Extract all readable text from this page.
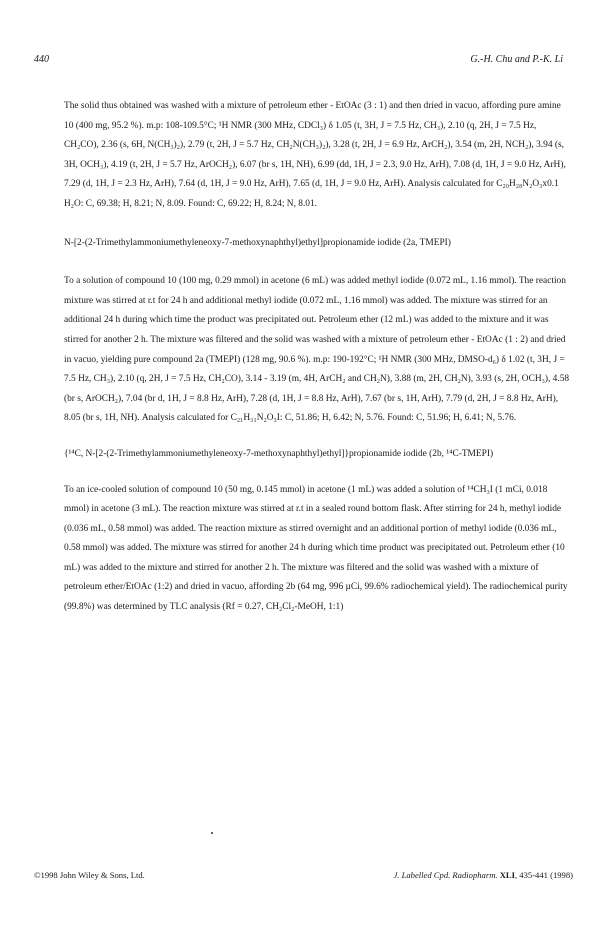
440	G.-H. Chu and P.-K. Li

The solid thus obtained was washed with a mixture of petroleum ether - EtOAc (3 : 1) and then dried in vacuo, affording pure amine 10 (400 mg, 95.2 %). m.p: 108-109.5°C; ¹H NMR (300 MHz, CDCl₃) δ 1.05 (t, 3H, J = 7.5 Hz, CH₃), 2.10 (q, 2H, J = 7.5 Hz, CH₂CO), 2.36 (s, 6H, N(CH₃)₂), 2.79 (t, 2H, J = 5.7 Hz, CH₂N(CH₃)₂), 3.28 (t, 2H, J = 6.9 Hz, ArCH₂), 3.54 (m, 2H, NCH₂), 3.94 (s, 3H, OCH₃), 4.19 (t, 2H, J = 5.7 Hz, ArOCH₂), 6.07 (br s, 1H, NH), 6.99 (dd, 1H, J = 2.3, 9.0 Hz, ArH), 7.08 (d, 1H, J = 9.0 Hz, ArH), 7.29 (d, 1H, J = 2.3 Hz, ArH), 7.64 (d, 1H, J = 9.0 Hz, ArH), 7.65 (d, 1H, J = 9.0 Hz, ArH). Analysis calculated for C₂₀H₂₈N₂O₃x0.1 H₂O: C, 69.38; H, 8.21; N, 8.09. Found: C, 69.22; H, 8.24; N, 8.01.

N-[2-(2-Trimethylammoniumethyleneoxy-7-methoxynaphthyl)ethyl]propionamide iodide (2a, TMEPI)

To a solution of compound 10 (100 mg, 0.29 mmol) in acetone (6 mL) was added methyl iodide (0.072 mL, 1.16 mmol). The reaction mixture was stirred at r.t for 24 h and additional methyl iodide (0.072 mL, 1.16 mmol) was added. The mixture was stirred for an additional 24 h during which time the product was precipitated out. Petroleum ether (12 mL) was added to the mixture and it was stirred for another 2 h. The mixture was filtered and the solid was washed with a mixture of petroleum ether - EtOAc (1 : 2) and dried in vacuo, yielding pure compound 2a (TMEPI) (128 mg, 90.6 %). m.p: 190-192°C; ¹H NMR (300 MHz, DMSO-d₆) δ 1.02 (t, 3H, J = 7.5 Hz, CH₃), 2.10 (q, 2H, J = 7.5 Hz, CH₂CO), 3.14 - 3.19 (m, 4H, ArCH₂ and CH₂N), 3.88 (m, 2H, CH₂N), 3.93 (s, 2H, OCH₃), 4.58 (br s, ArOCH₂), 7.04 (br d, 1H, J = 8.8 Hz, ArH), 7.28 (d, 1H, J = 8.8 Hz, ArH), 7.67 (br s, 1H, ArH), 7.79 (d, 2H, J = 8.8 Hz, ArH), 8.05 (br s, 1H, NH). Analysis calculated for C₂₁H₃₁N₂O₃I: C, 51.86; H, 6.42; N, 5.76. Found: C, 51.96; H, 6.41; N, 5.76.

{¹⁴C, N-[2-(2-Trimethylammoniumethyleneoxy-7-methoxynaphthyl)ethyl]}propionamide iodide (2b, ¹⁴C-TMEPI)

To an ice-cooled solution of compound 10 (50 mg, 0.145 mmol) in acetone (1 mL) was added a solution of ¹⁴CH₃I (1 mCi, 0.018 mmol) in acetone (3 mL). The reaction mixture was stirred at r.t in a sealed round bottom flask. After stirring for 24 h, methyl iodide (0.036 mL, 0.58 mmol) was added. The reaction mixture as stirred overnight and an additional portion of methyl iodide (0.036 mL, 0.58 mmol) was added. The mixture was stirred for another 24 h during which time product was precipitated out. Petroleum ether (10 mL) was added to the mixture and stirred for another 2 h. The mixture was filtered and the solid was washed with a mixture of petroleum ether/EtOAc (1:2) and dried in vacuo, affording 2b (64 mg, 996 µCi, 99.6% radiochemical yield). The radiochemical purity (99.8%) was determined by TLC analysis (Rf = 0.27, CH₂Cl₂-MeOH, 1:1)

©1998 John Wiley & Sons, Ltd.	J. Labelled Cpd. Radiopharm. XLI, 435-441 (1998)
